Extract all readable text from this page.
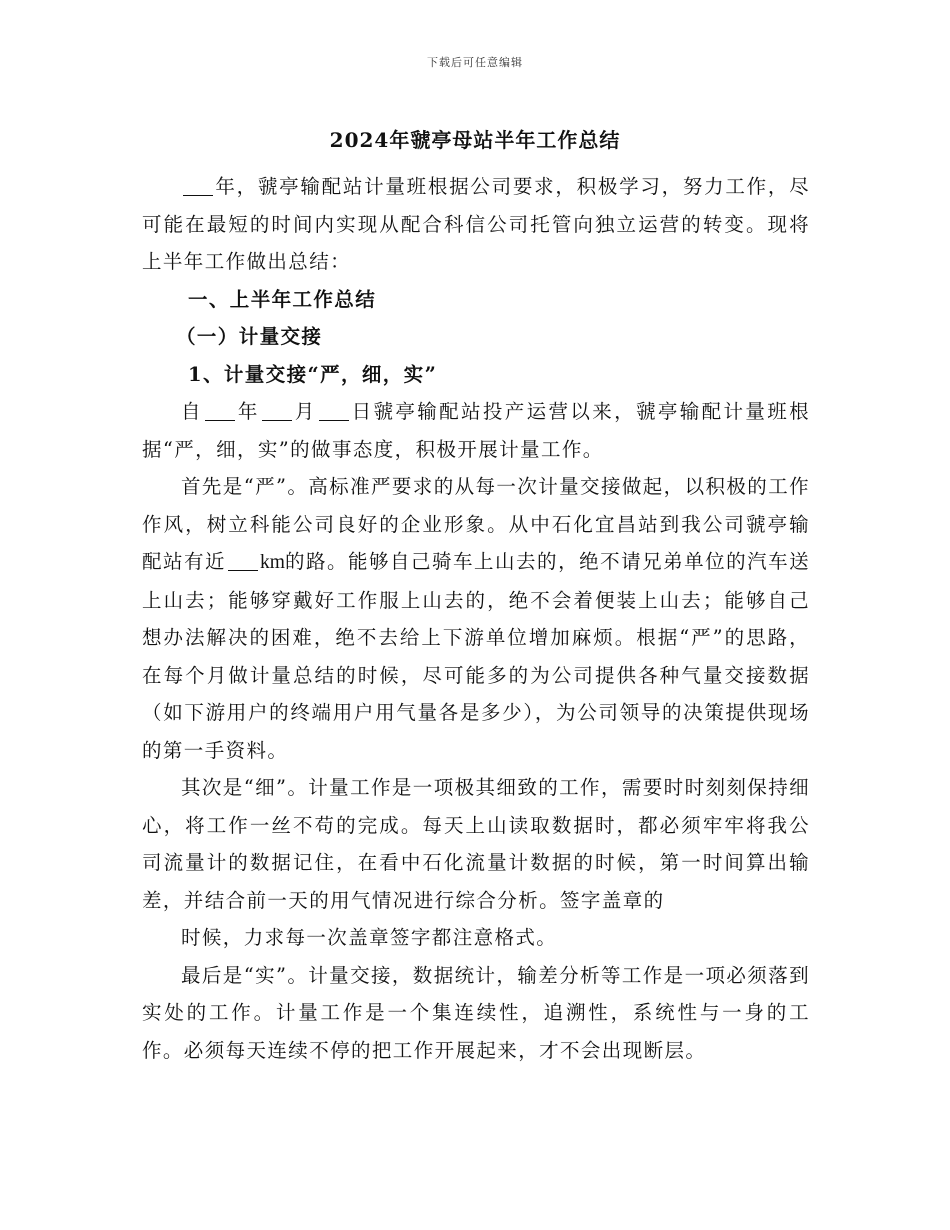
下载后可任意编辑
2024年虢亭母站半年工作总结

年，虢亭输配站计量班根据公司要求，积极学习，努力工作，尽可能在最短的时间内实现从配合科信公司托管向独立运营的转变。现将上半年工作做出总结：

一、上半年工作总结

（一）计量交接

1、计量交接“严，细，实”

自 年 月 日虢亭输配站投产运营以来，虢亭输配计量班根据“严，细，实”的做事态度，积极开展计量工作。

首先是“严”。高标准严要求的从每一次计量交接做起，以积极的工作作风，树立科能公司良好的企业形象。从中石化宜昌站到我公司虢亭输配站有近 km的路。能够自己骑车上山去的，绝不请兄弟单位的汽车送上山去；能够穿戴好工作服上山去的，绝不会着便装上山去；能够自己想办法解决的困难，绝不去给上下游单位增加麻烦。根据“严”的思路，在每个月做计量总结的时候，尽可能多的为公司提供各种气量交接数据（如下游用户的终端用户用气量各是多少），为公司领导的决策提供现场的第一手资料。

其次是“细”。计量工作是一项极其细致的工作，需要时时刻刻保持细心，将工作一丝不苟的完成。每天上山读取数据时，都必须牢牢将我公司流量计的数据记住，在看中石化流量计数据的时候，第一时间算出输差，并结合前一天的用气情况进行综合分析。签字盖章的

时候，力求每一次盖章签字都注意格式。

最后是“实”。计量交接，数据统计，输差分析等工作是一项必须落到实处的工作。计量工作是一个集连续性，追溯性，系统性与一身的工作。必须每天连续不停的把工作开展起来，才不会出现断层。
